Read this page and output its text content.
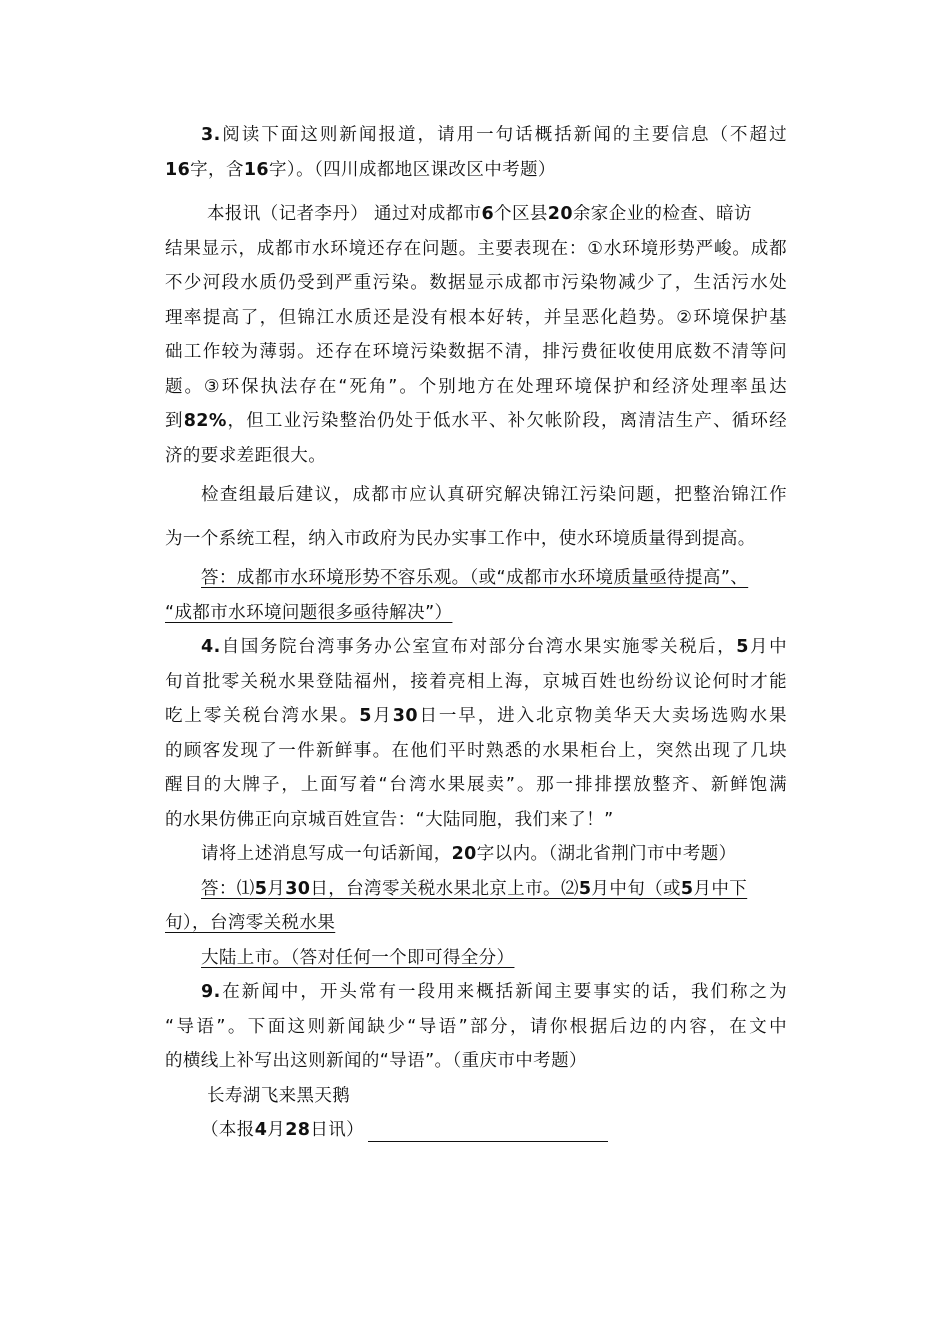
3.阅读下面这则新闻报道，请用一句话概括新闻的主要信息（不超过
16字，含16字）。（四川成都地区课改区中考题）
本报讯（记者李丹） 通过对成都市6个区县20余家企业的检查、暗访
结果显示，成都市水环境还存在问题。主要表现在：①水环境形势严峻。成都
不少河段水质仍受到严重污染。数据显示成都市污染物减少了，生活污水处
理率提高了，但锦江水质还是没有根本好转，并呈恶化趋势。②环境保护基
础工作较为薄弱。还存在环境污染数据不清，排污费征收使用底数不清等问
题。③环保执法存在“死角”。个别地方在处理环境保护和经济处理率虽达
到82%，但工业污染整治仍处于低水平、补欠帐阶段，离清洁生产、循环经
济的要求差距很大。
检查组最后建议，成都市应认真研究解决锦江污染问题，把整治锦江作
为一个系统工程，纳入市政府为民办实事工作中，使水环境质量得到提高。
答：成都市水环境形势不容乐观。（或“成都市水环境质量亟待提高”、
“成都市水环境问题很多亟待解决”）
4.自国务院台湾事务办公室宣布对部分台湾水果实施零关税后，5月中
旬首批零关税水果登陆福州，接着亮相上海，京城百姓也纷纷议论何时才能
吃上零关税台湾水果。5月30日一早，进入北京物美华天大卖场选购水果
的顾客发现了一件新鲜事。在他们平时熟悉的水果柜台上，突然出现了几块
醒目的大牌子，上面写着“台湾水果展卖”。那一排排摆放整齐、新鲜饱满
的水果仿佛正向京城百姓宣告：“大陆同胞，我们来了！”
请将上述消息写成一句话新闻，20字以内。（湖北省荆门市中考题）
答：⑴5月30日，台湾零关税水果北京上市。⑵5月中旬（或5月中下
旬），台湾零关税水果
大陆上市。（答对任何一个即可得全分）
9.在新闻中，开头常有一段用来概括新闻主要事实的话，我们称之为
“导语”。下面这则新闻缺少“导语”部分，请你根据后边的内容，在文中
的横线上补写出这则新闻的“导语”。（重庆市中考题）
长寿湖飞来黑天鹅
（本报4月28日讯）
